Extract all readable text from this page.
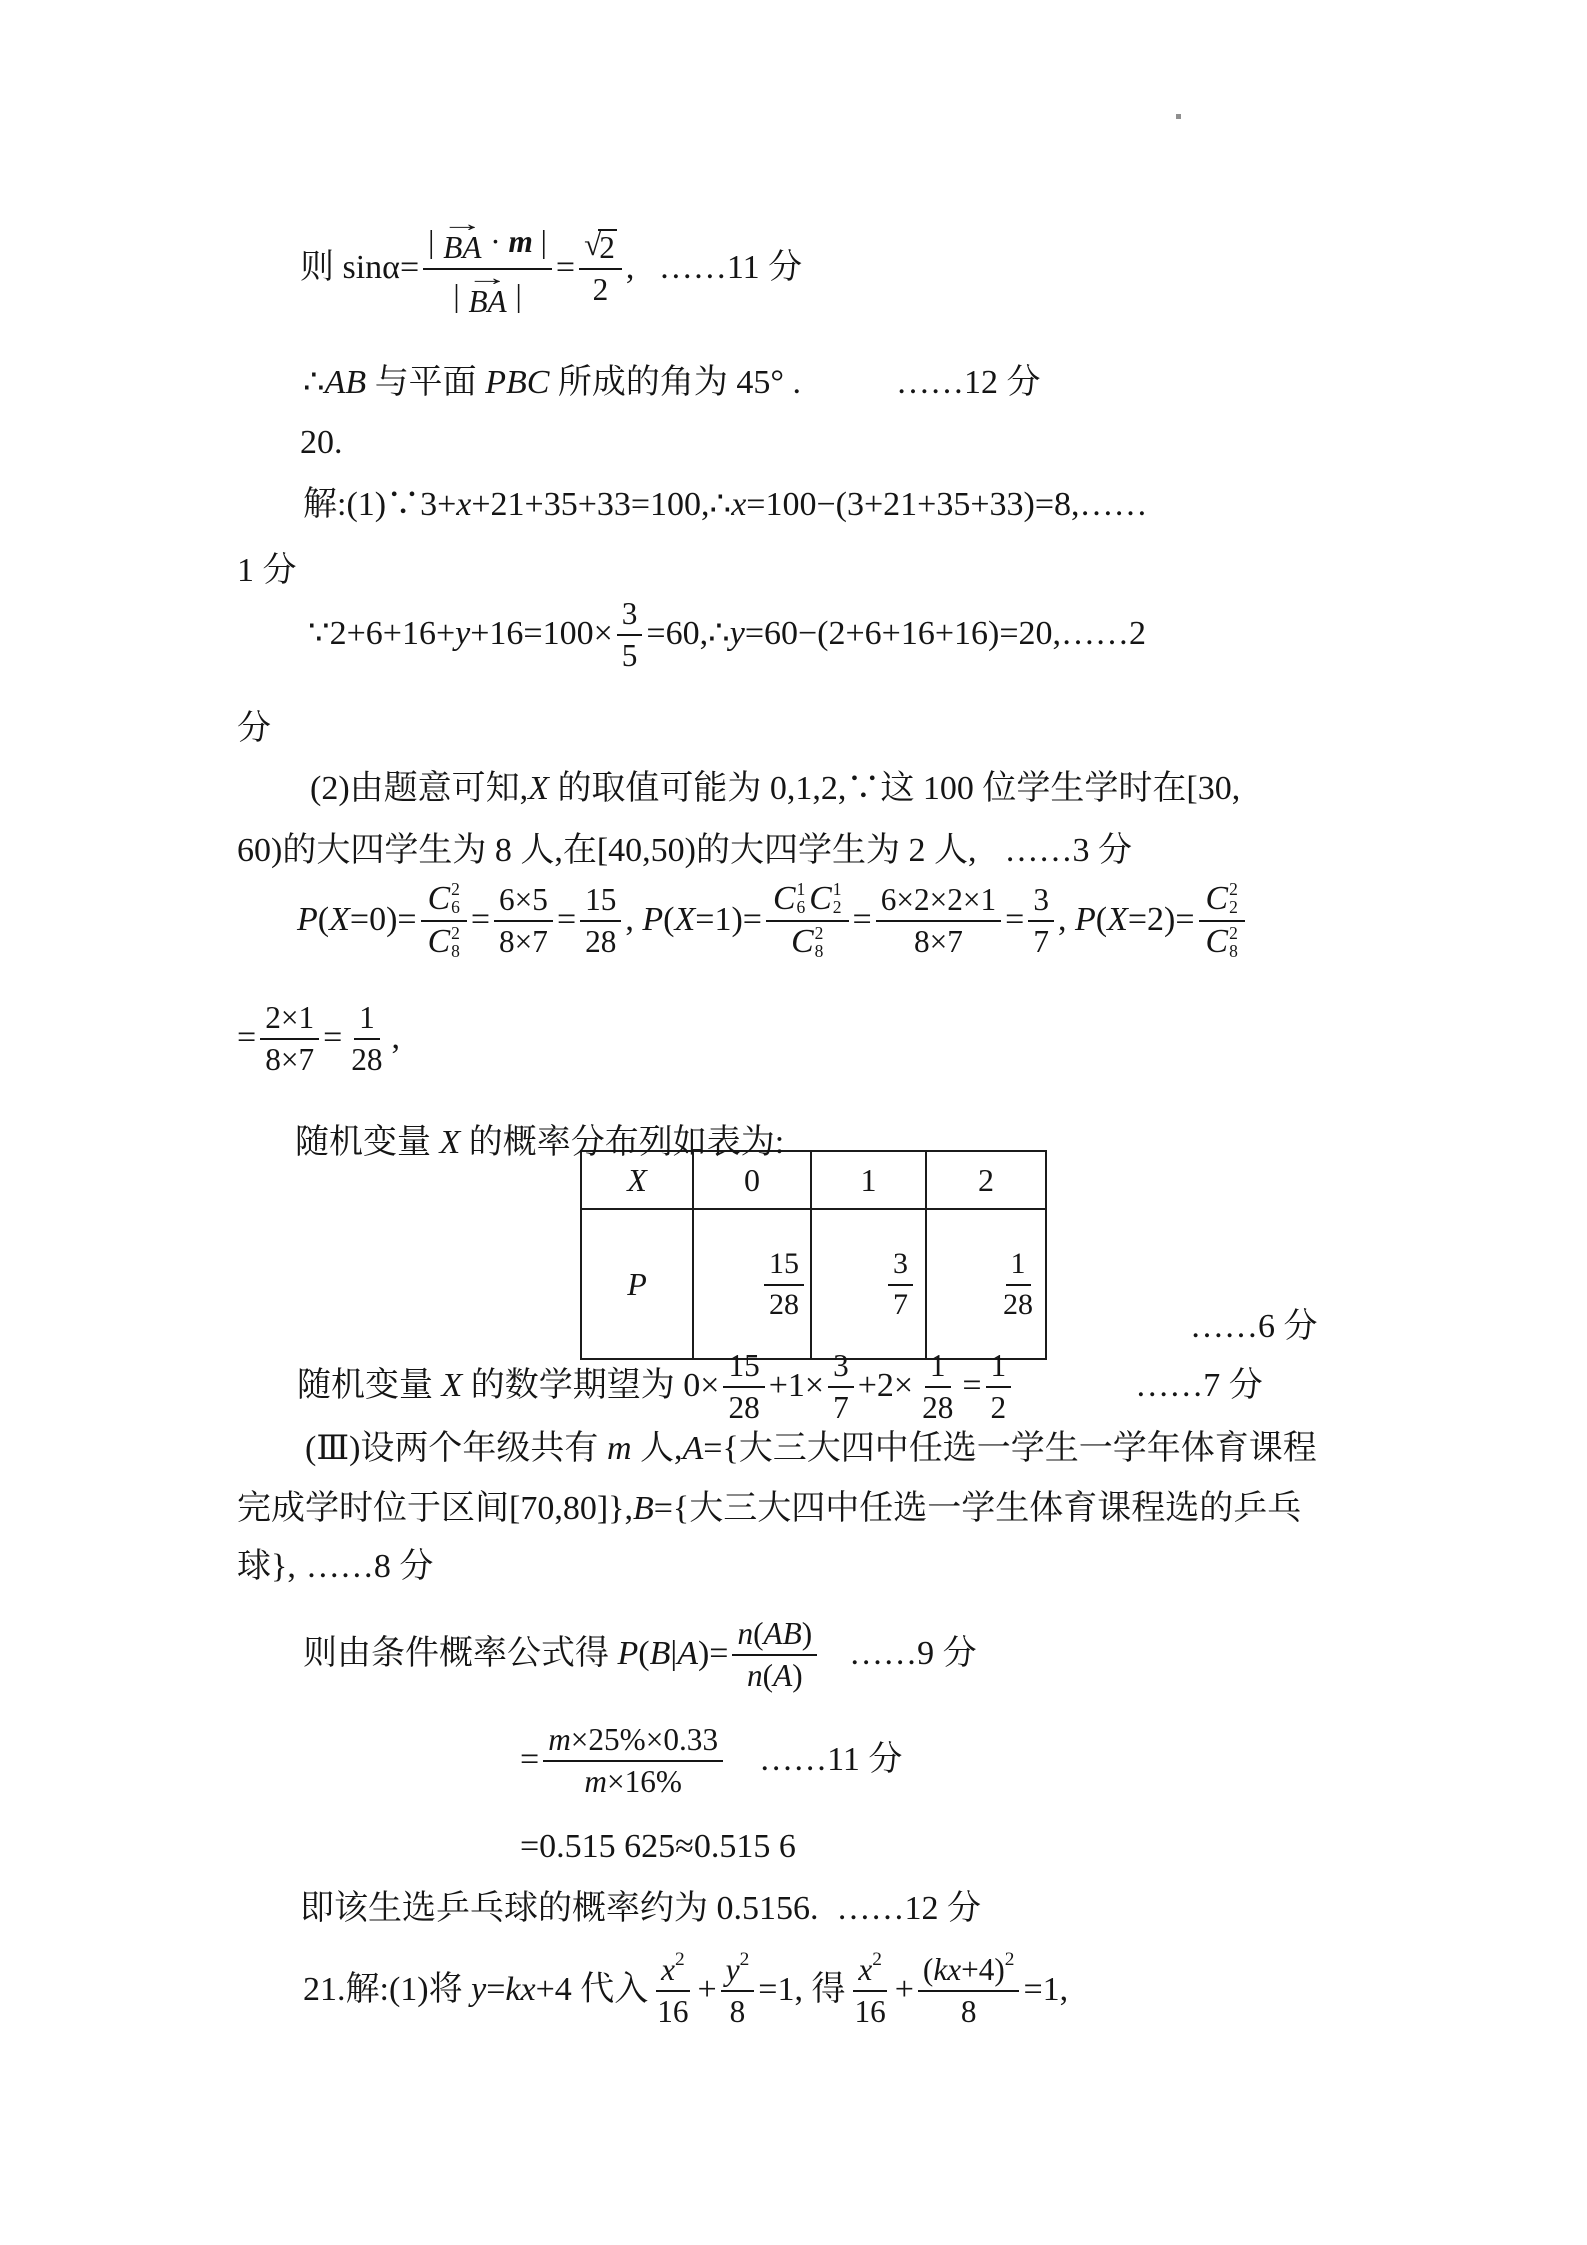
X	0	1	2
P	$\frac{15}{28}$	$\frac{3}{7}$	$\frac{1}{28}$

则 sinα= |
→
BA · m |
|
→
BA | = √
2
2 , ……11 分
∴ AB 与平面 PBC 所成的角为 45° .	……12 分
20.
解:(1)∵3+ x +21+35+33=100,∴ x =100−(3+21+35+33)=8,……
1 分
∵2+6+16+ $y +16=100\times \frac{3}{5}$ =60,∴ y =60−(2+6+16+16)=20,……2
分
(2)由题意可知, X 的取值可能为 0,1,2,∵这 100 位学生学时在[30,
60)的大四学生为 8 人,在[40,50)的大四学生为 2 人, ……3 分
P ( X =0)= C 2
6
C 2
$8 = \frac{6\times 5}{8\times 7} = \frac{15}{28}$ , P ( X =1)= C 1
6 C 1
2
C 2
$8 = \frac{6\times 2\times 2\times 1}{8\times 7} = \frac{3}{7}$ , P ( X =2)= C 2
2
C 2
8
= $\frac{2\times 1}{8\times 7} = \frac{1}{28}$ ,
随机变量 X 的概率分布列如表为:
……6 分
随机变量 X 的数学期望为 $0\times \frac{15}{28} +1\times \frac{3}{7} +2\times \frac{1}{28} = \frac{1}{2}$	……7 分
(Ⅲ)设两个年级共有 m 人, A ={大三大四中任选一学生一学年体育课程
完成学时位于区间[70,80]}, B ={大三大四中任选一学生体育课程选的乒乓
球}, ……8 分
则由条件概率公式得 P ( B | A )= $\frac{n ( AB )}{n ( A )}$ ……9 分
= $\frac{m \times 25\%\times 0.33}{m \times 16\%}$ ……11 分
=0.515 625≈0.515 6
即该生选乒乓球的概率约为 0.5156. ……12 分
21.解:(1)将 y = kx +4 代入 $\frac{x 2}{16} + \frac{y 2}{8} =1$, 得 $\frac{x 2}{16} + \frac{( kx +4) 2}{8} =1$,
